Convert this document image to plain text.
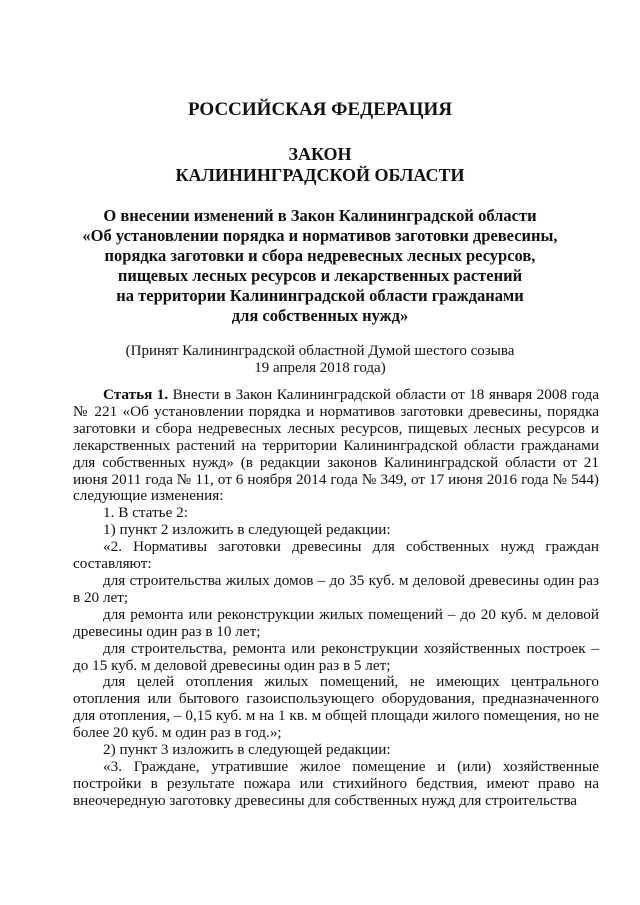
РОССИЙСКАЯ ФЕДЕРАЦИЯ
ЗАКОН
КАЛИНИНГРАДСКОЙ ОБЛАСТИ
О внесении изменений в Закон Калининградской области
«Об установлении порядка и нормативов заготовки древесины,
порядка заготовки и сбора недревесных лесных ресурсов,
пищевых лесных ресурсов и лекарственных растений
на территории Калининградской области гражданами
для собственных нужд»
(Принят Калининградской областной Думой шестого созыва
19 апреля 2018 года)

Статья 1. Внести в Закон Калининградской области от 18 января 2008 года № 221 «Об установлении порядка и нормативов заготовки древесины, порядка заготовки и сбора недревесных лесных ресурсов, пищевых лесных ресурсов и лекарственных растений на территории Калининградской области гражданами для собственных нужд» (в редакции законов Калининградской области от 21 июня 2011 года № 11, от 6 ноября 2014 года № 349, от 17 июня 2016 года № 544) следующие изменения:

1. В статье 2:

1) пункт 2 изложить в следующей редакции:

«2. Нормативы заготовки древесины для собственных нужд граждан составляют:

для строительства жилых домов – до 35 куб. м деловой древесины один раз в 20 лет;

для ремонта или реконструкции жилых помещений – до 20 куб. м деловой древесины один раз в 10 лет;

для строительства, ремонта или реконструкции хозяйственных построек – до 15 куб. м деловой древесины один раз в 5 лет;

для целей отопления жилых помещений, не имеющих центрального отопления или бытового газоиспользующего оборудования, предназначенного для отопления, – 0,15 куб. м на 1 кв. м общей площади жилого помещения, но не более 20 куб. м один раз в год.»;

2) пункт 3 изложить в следующей редакции:

«3. Граждане, утратившие жилое помещение и (или) хозяйственные постройки в результате пожара или стихийного бедствия, имеют право на внеочередную заготовку древесины для собственных нужд для строительства
